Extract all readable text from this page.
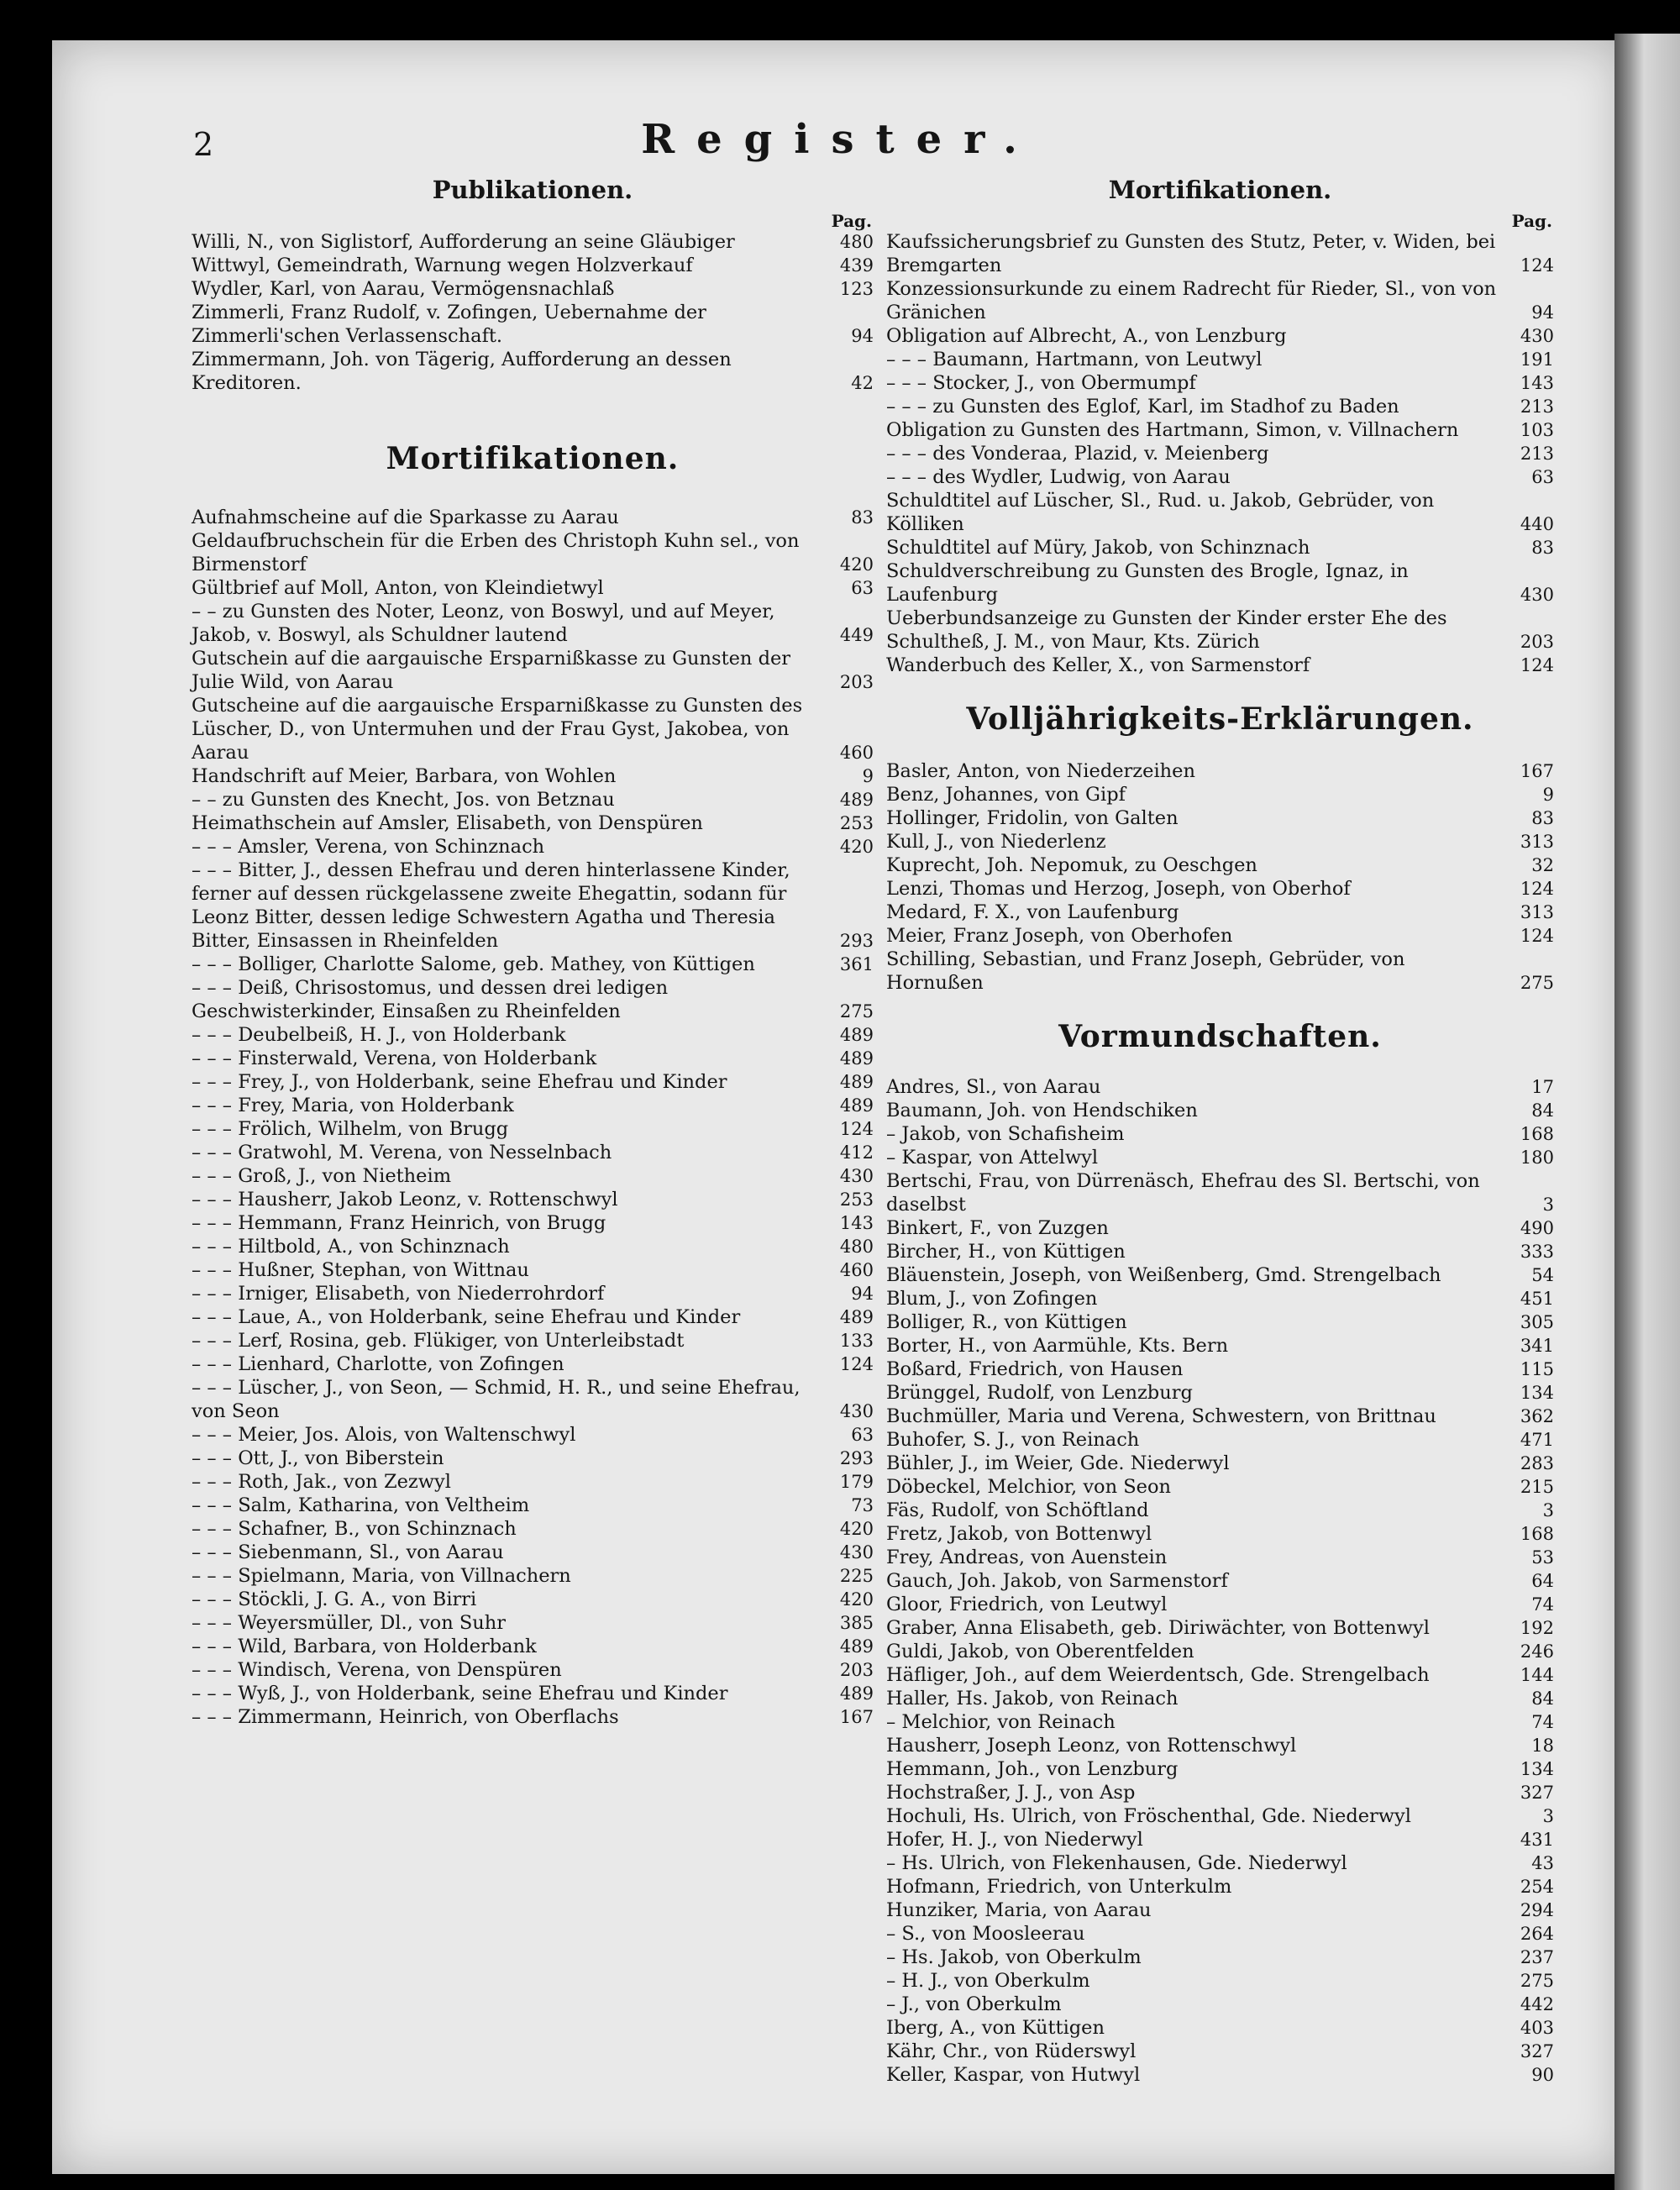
2	Register.
Publikationen.
Pag.
Willi, N., von Siglistorf, Aufforderung an seine Gläubiger	480
Wittwyl, Gemeindrath, Warnung wegen Holzverkauf	439
Wydler, Karl, von Aarau, Vermögensnachlaß	123
Zimmerli, Franz Rudolf, v. Zofingen, Uebernahme der Zimmerli'schen Verlassenschaft.	94
Zimmermann, Joh. von Tägerig, Aufforderung an dessen Kreditoren.	42
Mortifikationen.
Aufnahmscheine auf die Sparkasse zu Aarau	83
Geldaufbruchschein für die Erben des Christoph Kuhn sel., von Birmenstorf	420
Gültbrief auf Moll, Anton, von Kleindietwyl	63
– – zu Gunsten des Noter, Leonz, von Boswyl, und auf Meyer, Jakob, v. Boswyl, als Schuldner lautend	449
Gutschein auf die aargauische Ersparnißkasse zu Gunsten der Julie Wild, von Aarau	203
Gutscheine auf die aargauische Ersparnißkasse zu Gunsten des Lüscher, D., von Untermuhen und der Frau Gyst, Jakobea, von Aarau	460
Handschrift auf Meier, Barbara, von Wohlen	9
– – zu Gunsten des Knecht, Jos. von Betznau	489
Heimathschein auf Amsler, Elisabeth, von Denspüren	253
– – – Amsler, Verena, von Schinznach	420
– – – Bitter, J., dessen Ehefrau und deren hinterlassene Kinder, ferner auf dessen rückgelassene zweite Ehegattin, sodann für Leonz Bitter, dessen ledige Schwestern Agatha und Theresia Bitter, Einsassen in Rheinfelden	293
– – – Bolliger, Charlotte Salome, geb. Mathey, von Küttigen	361
– – – Deiß, Chrisostomus, und dessen drei ledigen Geschwisterkinder, Einsaßen zu Rheinfelden	275
– – – Deubelbeiß, H. J., von Holderbank	489
– – – Finsterwald, Verena, von Holderbank	489
– – – Frey, J., von Holderbank, seine Ehefrau und Kinder	489
– – – Frey, Maria, von Holderbank	489
– – – Frölich, Wilhelm, von Brugg	124
– – – Gratwohl, M. Verena, von Nesselnbach	412
– – – Groß, J., von Nietheim	430
– – – Hausherr, Jakob Leonz, v. Rottenschwyl	253
– – – Hemmann, Franz Heinrich, von Brugg	143
– – – Hiltbold, A., von Schinznach	480
– – – Hußner, Stephan, von Wittnau	460
– – – Irniger, Elisabeth, von Niederrohrdorf	94
– – – Laue, A., von Holderbank, seine Ehefrau und Kinder	489
– – – Lerf, Rosina, geb. Flükiger, von Unterleibstadt	133
– – – Lienhard, Charlotte, von Zofingen	124
– – – Lüscher, J., von Seon, — Schmid, H. R., und seine Ehefrau, von Seon	430
– – – Meier, Jos. Alois, von Waltenschwyl	63
– – – Ott, J., von Biberstein	293
– – – Roth, Jak., von Zezwyl	179
– – – Salm, Katharina, von Veltheim	73
– – – Schafner, B., von Schinznach	420
– – – Siebenmann, Sl., von Aarau	430
– – – Spielmann, Maria, von Villnachern	225
– – – Stöckli, J. G. A., von Birri	420
– – – Weyersmüller, Dl., von Suhr	385
– – – Wild, Barbara, von Holderbank	489
– – – Windisch, Verena, von Denspüren	203
– – – Wyß, J., von Holderbank, seine Ehefrau und Kinder	489
– – – Zimmermann, Heinrich, von Oberflachs	167
Mortifikationen.
Pag.
Kaufssicherungsbrief zu Gunsten des Stutz, Peter, v. Widen, bei Bremgarten	124
Konzessionsurkunde zu einem Radrecht für Rieder, Sl., von von Gränichen	94
Obligation auf Albrecht, A., von Lenzburg	430
– – – Baumann, Hartmann, von Leutwyl	191
– – – Stocker, J., von Obermumpf	143
– – – zu Gunsten des Eglof, Karl, im Stadhof zu Baden	213
Obligation zu Gunsten des Hartmann, Simon, v. Villnachern	103
– – – des Vonderaa, Plazid, v. Meienberg	213
– – – des Wydler, Ludwig, von Aarau	63
Schuldtitel auf Lüscher, Sl., Rud. u. Jakob, Gebrüder, von Kölliken	440
Schuldtitel auf Müry, Jakob, von Schinznach	83
Schuldverschreibung zu Gunsten des Brogle, Ignaz, in Laufenburg	430
Ueberbundsanzeige zu Gunsten der Kinder erster Ehe des Schultheß, J. M., von Maur, Kts. Zürich	203
Wanderbuch des Keller, X., von Sarmenstorf	124
Volljährigkeits-Erklärungen.
Basler, Anton, von Niederzeihen	167
Benz, Johannes, von Gipf	9
Hollinger, Fridolin, von Galten	83
Kull, J., von Niederlenz	313
Kuprecht, Joh. Nepomuk, zu Oeschgen	32
Lenzi, Thomas und Herzog, Joseph, von Oberhof	124
Medard, F. X., von Laufenburg	313
Meier, Franz Joseph, von Oberhofen	124
Schilling, Sebastian, und Franz Joseph, Gebrüder, von Hornußen	275
Vormundschaften.
Andres, Sl., von Aarau	17
Baumann, Joh. von Hendschiken	84
– Jakob, von Schafisheim	168
– Kaspar, von Attelwyl	180
Bertschi, Frau, von Dürrenäsch, Ehefrau des Sl. Bertschi, von daselbst	3
Binkert, F., von Zuzgen	490
Bircher, H., von Küttigen	333
Bläuenstein, Joseph, von Weißenberg, Gmd. Strengelbach	54
Blum, J., von Zofingen	451
Bolliger, R., von Küttigen	305
Borter, H., von Aarmühle, Kts. Bern	341
Boßard, Friedrich, von Hausen	115
Brünggel, Rudolf, von Lenzburg	134
Buchmüller, Maria und Verena, Schwestern, von Brittnau	362
Buhofer, S. J., von Reinach	471
Bühler, J., im Weier, Gde. Niederwyl	283
Döbeckel, Melchior, von Seon	215
Fäs, Rudolf, von Schöftland	3
Fretz, Jakob, von Bottenwyl	168
Frey, Andreas, von Auenstein	53
Gauch, Joh. Jakob, von Sarmenstorf	64
Gloor, Friedrich, von Leutwyl	74
Graber, Anna Elisabeth, geb. Diriwächter, von Bottenwyl	192
Guldi, Jakob, von Oberentfelden	246
Häfliger, Joh., auf dem Weierdentsch, Gde. Strengelbach	144
Haller, Hs. Jakob, von Reinach	84
– Melchior, von Reinach	74
Hausherr, Joseph Leonz, von Rottenschwyl	18
Hemmann, Joh., von Lenzburg	134
Hochstraßer, J. J., von Asp	327
Hochuli, Hs. Ulrich, von Fröschenthal, Gde. Niederwyl	3
Hofer, H. J., von Niederwyl	431
– Hs. Ulrich, von Flekenhausen, Gde. Niederwyl	43
Hofmann, Friedrich, von Unterkulm	254
Hunziker, Maria, von Aarau	294
– S., von Moosleerau	264
– Hs. Jakob, von Oberkulm	237
– H. J., von Oberkulm	275
– J., von Oberkulm	442
Iberg, A., von Küttigen	403
Kähr, Chr., von Rüderswyl	327
Keller, Kaspar, von Hutwyl	90
